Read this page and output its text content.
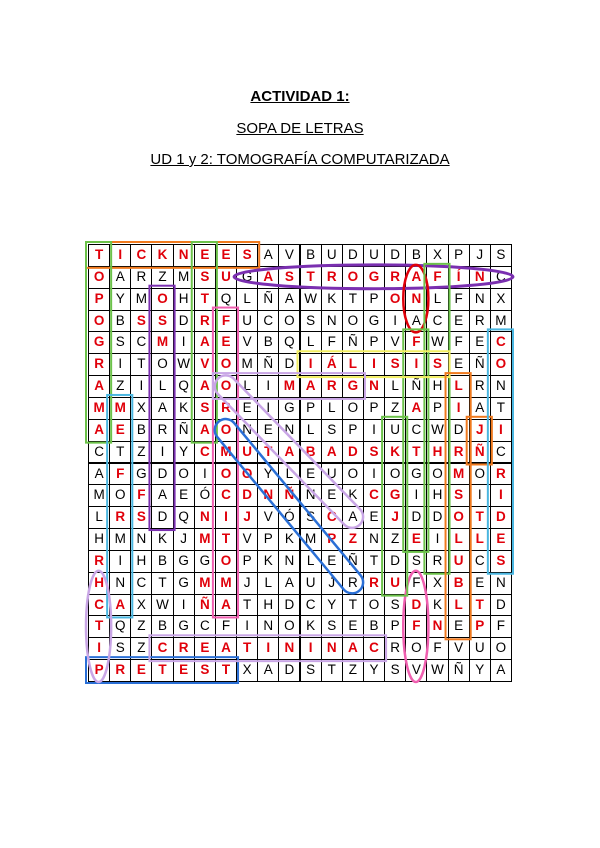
ACTIVIDAD 1:
SOPA DE LETRAS
UD 1 y 2: TOMOGRAFÍA COMPUTARIZADA
T	I	C K N E E S A V B U D U D B X P J S
O A R Z M S U G A S T R O G R A F	Í	N C
P Y M O H T Q L Ñ A W K T P O N L F N X
O B S S D R F U C O S N O G	I	A C E R M
G S C M	I	A E V B Q L F Ñ P V F W F E C
R	I	T O W V O M Ñ D	I	Á L	I	S	I	S E Ñ O
A Z	I	L Q A O L	I	M A R G N L Ñ H L R N
M M X A K S R E	I	G P L O P Z A P	I	A T
A E B R Ñ A O N E N L S P	I	U C W D J	I
C T Z	I	Y C M U T A B A D S K T H R Ñ C
A F G D O	I	O O Y L E U O	I	O G O M O R
M O F A E Ó C D N Ñ N E K C G	I	H S	I	I
L R S D Q N	I	J V Ó S C A E J D D O T D
H M N K J M T V P K M P Z N Z E	I	L L E
R	I	H B G G O P K N L E Ñ T D S R U C S
H N C T G M M J	L A U J R R U F X B E N
C A X W I	Ñ A T H D C Y T O S D K L T D
T Q Z B G C F	I	N O K S E B P F N E P F
I	S Z C R E A T	I	N	I	N A C R O F V U O
P R E T E S T X A D S T Z Y S V W Ñ Y A
